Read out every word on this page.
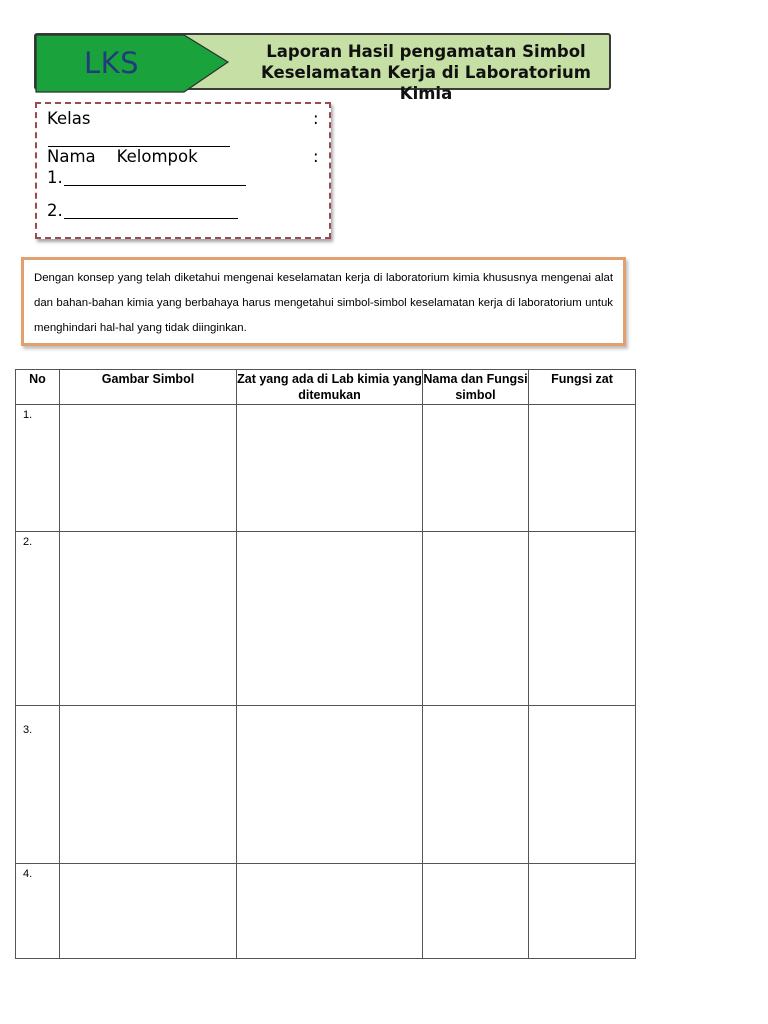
LKS	Laporan Hasil pengamatan Simbol
Keselamatan Kerja di Laboratorium
Kimia
Kelas	:
Nama    Kelompok	:
1.
2.
Dengan konsep yang telah diketahui mengenai keselamatan kerja di laboratorium kimia khususnya mengenai alat dan bahan-bahan kimia yang berbahaya harus mengetahui simbol-simbol keselamatan kerja di laboratorium untuk menghindari hal-hal yang tidak diinginkan.
No	Gambar Simbol	Zat yang ada di Lab kimia yang ditemukan	Nama dan Fungsi simbol	Fungsi zat
1.				
2.				
3.				
4.				
